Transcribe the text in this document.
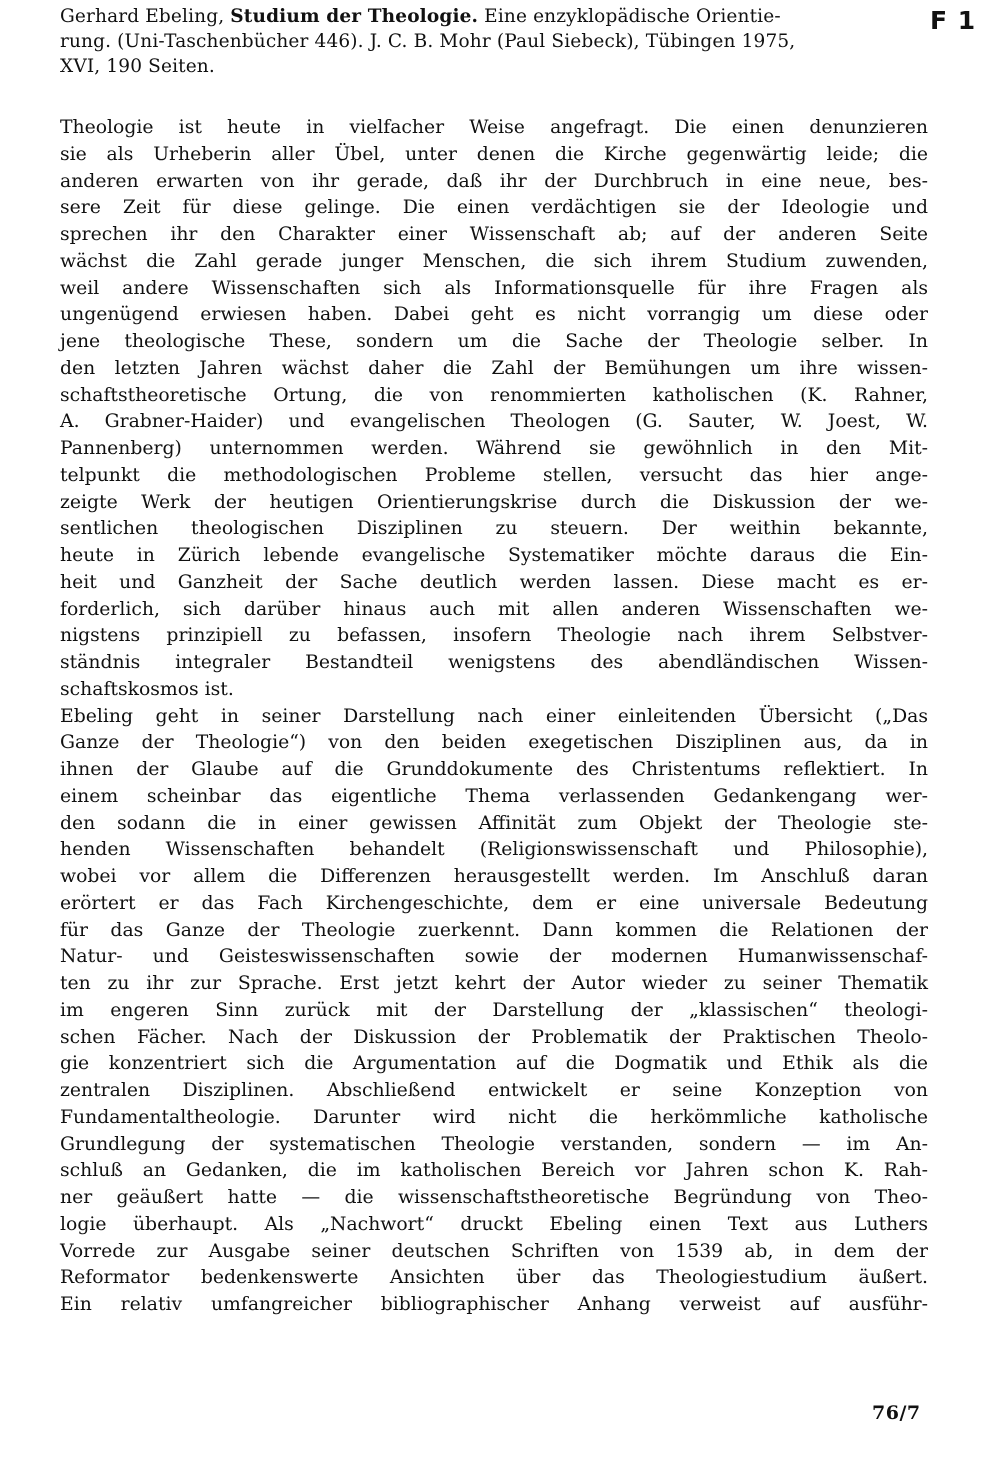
Gerhard Ebeling, Studium der Theologie. Eine enzyklopädische Orientie-
rung. (Uni-Taschenbücher 446). J. C. B. Mohr (Paul Siebeck), Tübingen 1975,
XVI, 190 Seiten.
F 1
Theologie ist heute in vielfacher Weise angefragt. Die einen denunzieren
sie als Urheberin aller Übel, unter denen die Kirche gegenwärtig leide; die
anderen erwarten von ihr gerade, daß ihr der Durchbruch in eine neue, bes-
sere Zeit für diese gelinge. Die einen verdächtigen sie der Ideologie und
sprechen ihr den Charakter einer Wissenschaft ab; auf der anderen Seite
wächst die Zahl gerade junger Menschen, die sich ihrem Studium zuwenden,
weil andere Wissenschaften sich als Informationsquelle für ihre Fragen als
ungenügend erwiesen haben. Dabei geht es nicht vorrangig um diese oder
jene theologische These, sondern um die Sache der Theologie selber. In
den letzten Jahren wächst daher die Zahl der Bemühungen um ihre wissen-
schaftstheoretische Ortung, die von renommierten katholischen (K. Rahner,
A. Grabner-Haider) und evangelischen Theologen (G. Sauter, W. Joest, W.
Pannenberg) unternommen werden. Während sie gewöhnlich in den Mit-
telpunkt die methodologischen Probleme stellen, versucht das hier ange-
zeigte Werk der heutigen Orientierungskrise durch die Diskussion der we-
sentlichen theologischen Disziplinen zu steuern. Der weithin bekannte,
heute in Zürich lebende evangelische Systematiker möchte daraus die Ein-
heit und Ganzheit der Sache deutlich werden lassen. Diese macht es er-
forderlich, sich darüber hinaus auch mit allen anderen Wissenschaften we-
nigstens prinzipiell zu befassen, insofern Theologie nach ihrem Selbstver-
ständnis integraler Bestandteil wenigstens des abendländischen Wissen-
schaftskosmos ist.
Ebeling geht in seiner Darstellung nach einer einleitenden Übersicht („Das
Ganze der Theologie“) von den beiden exegetischen Disziplinen aus, da in
ihnen der Glaube auf die Grunddokumente des Christentums reflektiert. In
einem scheinbar das eigentliche Thema verlassenden Gedankengang wer-
den sodann die in einer gewissen Affinität zum Objekt der Theologie ste-
henden Wissenschaften behandelt (Religionswissenschaft und Philosophie),
wobei vor allem die Differenzen herausgestellt werden. Im Anschluß daran
erörtert er das Fach Kirchengeschichte, dem er eine universale Bedeutung
für das Ganze der Theologie zuerkennt. Dann kommen die Relationen der
Natur- und Geisteswissenschaften sowie der modernen Humanwissenschaf-
ten zu ihr zur Sprache. Erst jetzt kehrt der Autor wieder zu seiner Thematik
im engeren Sinn zurück mit der Darstellung der „klassischen“ theologi-
schen Fächer. Nach der Diskussion der Problematik der Praktischen Theolo-
gie konzentriert sich die Argumentation auf die Dogmatik und Ethik als die
zentralen Disziplinen. Abschließend entwickelt er seine Konzeption von
Fundamentaltheologie. Darunter wird nicht die herkömmliche katholische
Grundlegung der systematischen Theologie verstanden, sondern — im An-
schluß an Gedanken, die im katholischen Bereich vor Jahren schon K. Rah-
ner geäußert hatte — die wissenschaftstheoretische Begründung von Theo-
logie überhaupt. Als „Nachwort“ druckt Ebeling einen Text aus Luthers
Vorrede zur Ausgabe seiner deutschen Schriften von 1539 ab, in dem der
Reformator bedenkenswerte Ansichten über das Theologiestudium äußert.
Ein relativ umfangreicher bibliographischer Anhang verweist auf ausführ-
76/7
